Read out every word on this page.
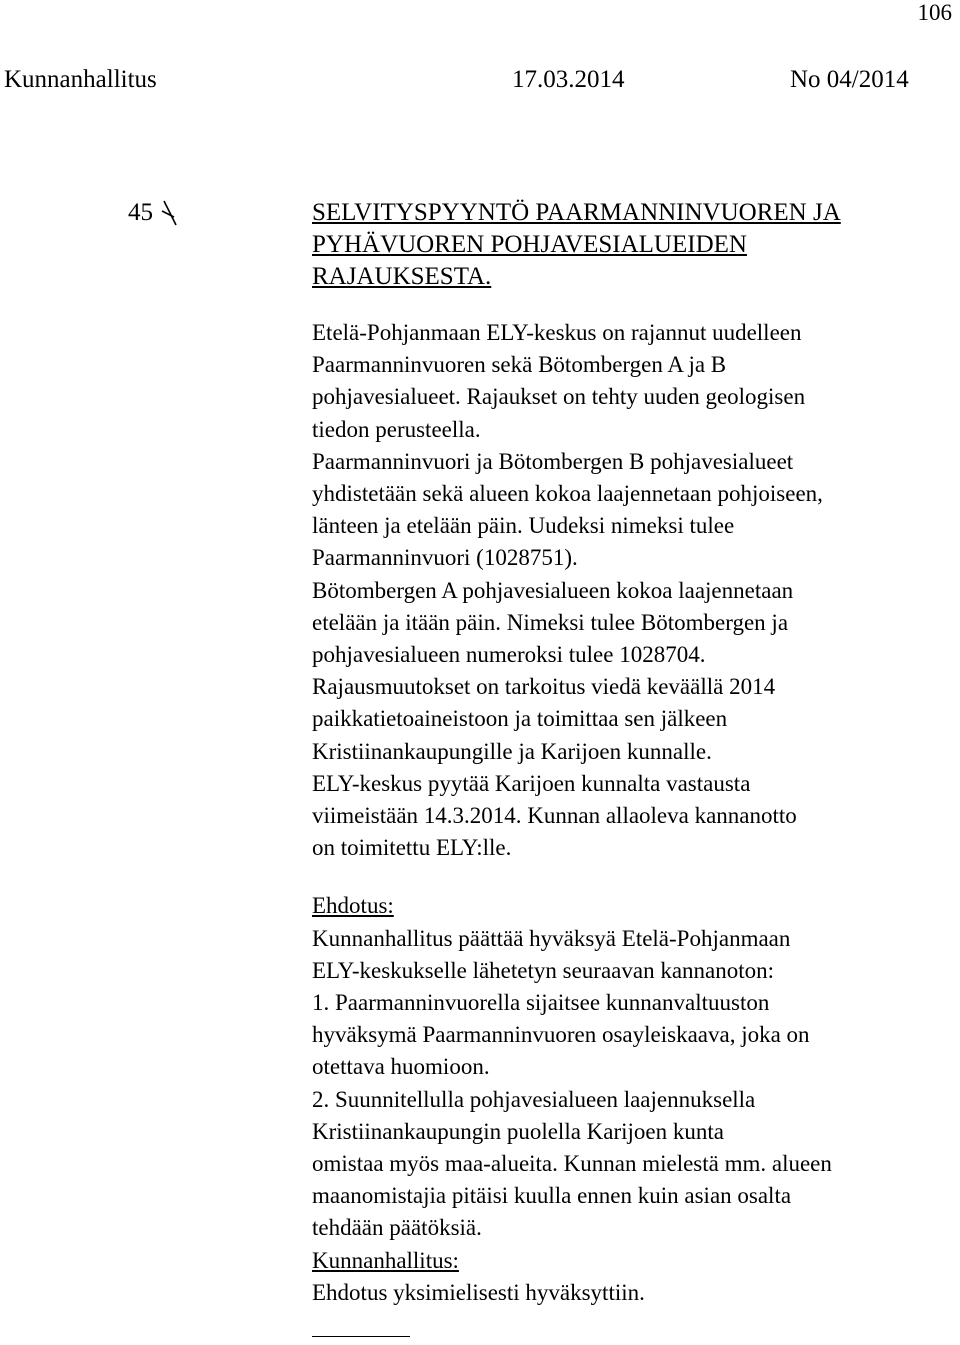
106
Kunnanhallitus	17.03.2014	No 04/2014
45	SELVITYSPYYNTÖ PAARMANNINVUOREN JA
PYHÄVUOREN POHJAVESIALUEIDEN
RAJAUKSESTA.
Etelä-Pohjanmaan ELY-keskus on rajannut uudelleen
Paarmanninvuoren sekä Bötombergen A ja B
pohjavesialueet. Rajaukset on tehty uuden geologisen
tiedon perusteella.
Paarmanninvuori ja Bötombergen B pohjavesialueet
yhdistetään sekä alueen kokoa laajennetaan pohjoiseen,
länteen ja etelään päin. Uudeksi nimeksi tulee
Paarmanninvuori (1028751).
Bötombergen A pohjavesialueen kokoa laajennetaan
etelään ja itään päin. Nimeksi tulee Bötombergen ja
pohjavesialueen numeroksi tulee 1028704.
Rajausmuutokset on tarkoitus viedä keväällä 2014
paikkatietoaineistoon ja toimittaa sen jälkeen
Kristiinankaupungille ja Karijoen kunnalle.
ELY-keskus pyytää Karijoen kunnalta vastausta
viimeistään 14.3.2014. Kunnan allaoleva kannanotto
on toimitettu ELY:lle.
Ehdotus:
Kunnanhallitus päättää hyväksyä Etelä-Pohjanmaan
ELY-keskukselle lähetetyn seuraavan kannanoton:
1. Paarmanninvuorella sijaitsee kunnanvaltuuston
hyväksymä Paarmanninvuoren osayleiskaava, joka on
otettava huomioon.
2. Suunnitellulla pohjavesialueen laajennuksella
Kristiinankaupungin puolella Karijoen kunta
omistaa myös maa-alueita. Kunnan mielestä mm. alueen
maanomistajia pitäisi kuulla ennen kuin asian osalta
tehdään päätöksiä.
Kunnanhallitus:
Ehdotus yksimielisesti hyväksyttiin.
